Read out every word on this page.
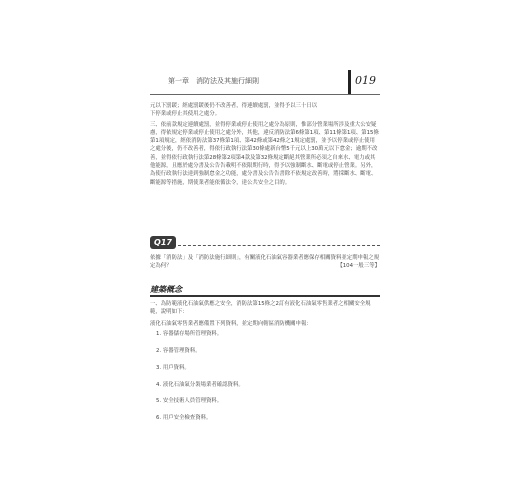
第一章　消防法及其施行細則	019

元以下罰鍰；經處罰鍰後仍不改善者，得連續處罰，並得予以三十日以

下停業或停止其使用之處分。

三、依前款規定連續處罰，並得停業或停止使用之處分為原則，惟部分營業場所涉及重大公安疑慮，得依規定停業或停止使用之處分外，其他，違反消防法第6條第1項、第11條第1項、第15條第1項規定，經依消防法第37條第1項、第42條或第42條之1規定處罰，並予以停業或停止使用之處分後，仍不改善者，得依行政執行法第30條處新台幣5千元以上30萬元以下怠金；逾期不改善，並得依行政執行法第28條第2項第4款及第32條規定斷絕其營業所必須之自來水、電力或其他能源，且應於處分書及公告告載明不依限期行時，得予以強制斷水、斷電或停止營業。另外，為使行政執行法達到強制怠金之功能，處分書及公告告書除不依規定改善時，將採斷水、斷電、斷能源等措施，期使業者能依循法令，達公共安全之目的。

Q17
依據「消防法」及「消防法施行細則」，有關液化石油氣容器業者應保存相關資料並定期申報之規定為何？	【104一般三等】
建築概念

一、為防範液化石油氣供應之安全，消防法第15條之2訂有液化石油氣零售業者之相關安全規範，說明如下：

液化石油氣零售業者應備置下列資料，並定期向轄區消防機關申報：

1. 容器儲存場所管理資料。
2. 容器管理資料。
3. 用戶資料。
4. 液化石油氣分裝場業者確認資料。
5. 安全技術人員管理資料。
6. 用戶安全檢查資料。
